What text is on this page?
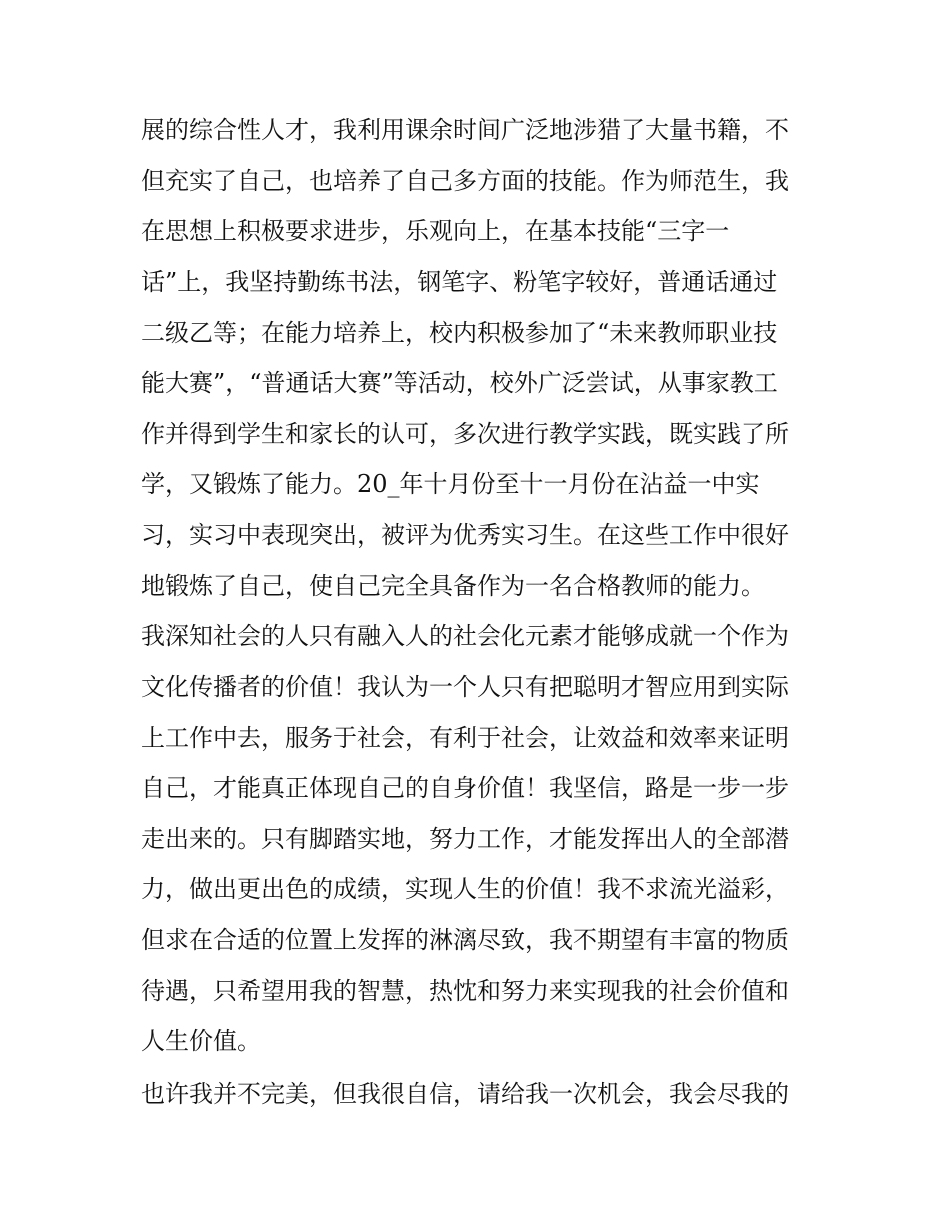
展的综合性人才，我利用课余时间广泛地涉猎了大量书籍，不
但充实了自己，也培养了自己多方面的技能。作为师范生，我
在思想上积极要求进步，乐观向上，在基本技能“三字一
话”上，我坚持勤练书法，钢笔字、粉笔字较好，普通话通过
二级乙等；在能力培养上，校内积极参加了“未来教师职业技
能大赛”，“普通话大赛”等活动，校外广泛尝试，从事家教工
作并得到学生和家长的认可，多次进行教学实践，既实践了所
学，又锻炼了能力。20_年十月份至十一月份在沾益一中实
习，实习中表现突出，被评为优秀实习生。在这些工作中很好
地锻炼了自己，使自己完全具备作为一名合格教师的能力。
我深知社会的人只有融入人的社会化元素才能够成就一个作为
文化传播者的价值！我认为一个人只有把聪明才智应用到实际
上工作中去，服务于社会，有利于社会，让效益和效率来证明
自己，才能真正体现自己的自身价值！我坚信，路是一步一步
走出来的。只有脚踏实地，努力工作，才能发挥出人的全部潜
力，做出更出色的成绩，实现人生的价值！我不求流光溢彩，
但求在合适的位置上发挥的淋漓尽致，我不期望有丰富的物质
待遇，只希望用我的智慧，热忱和努力来实现我的社会价值和
人生价值。
也许我并不完美，但我很自信，请给我一次机会，我会尽我的
